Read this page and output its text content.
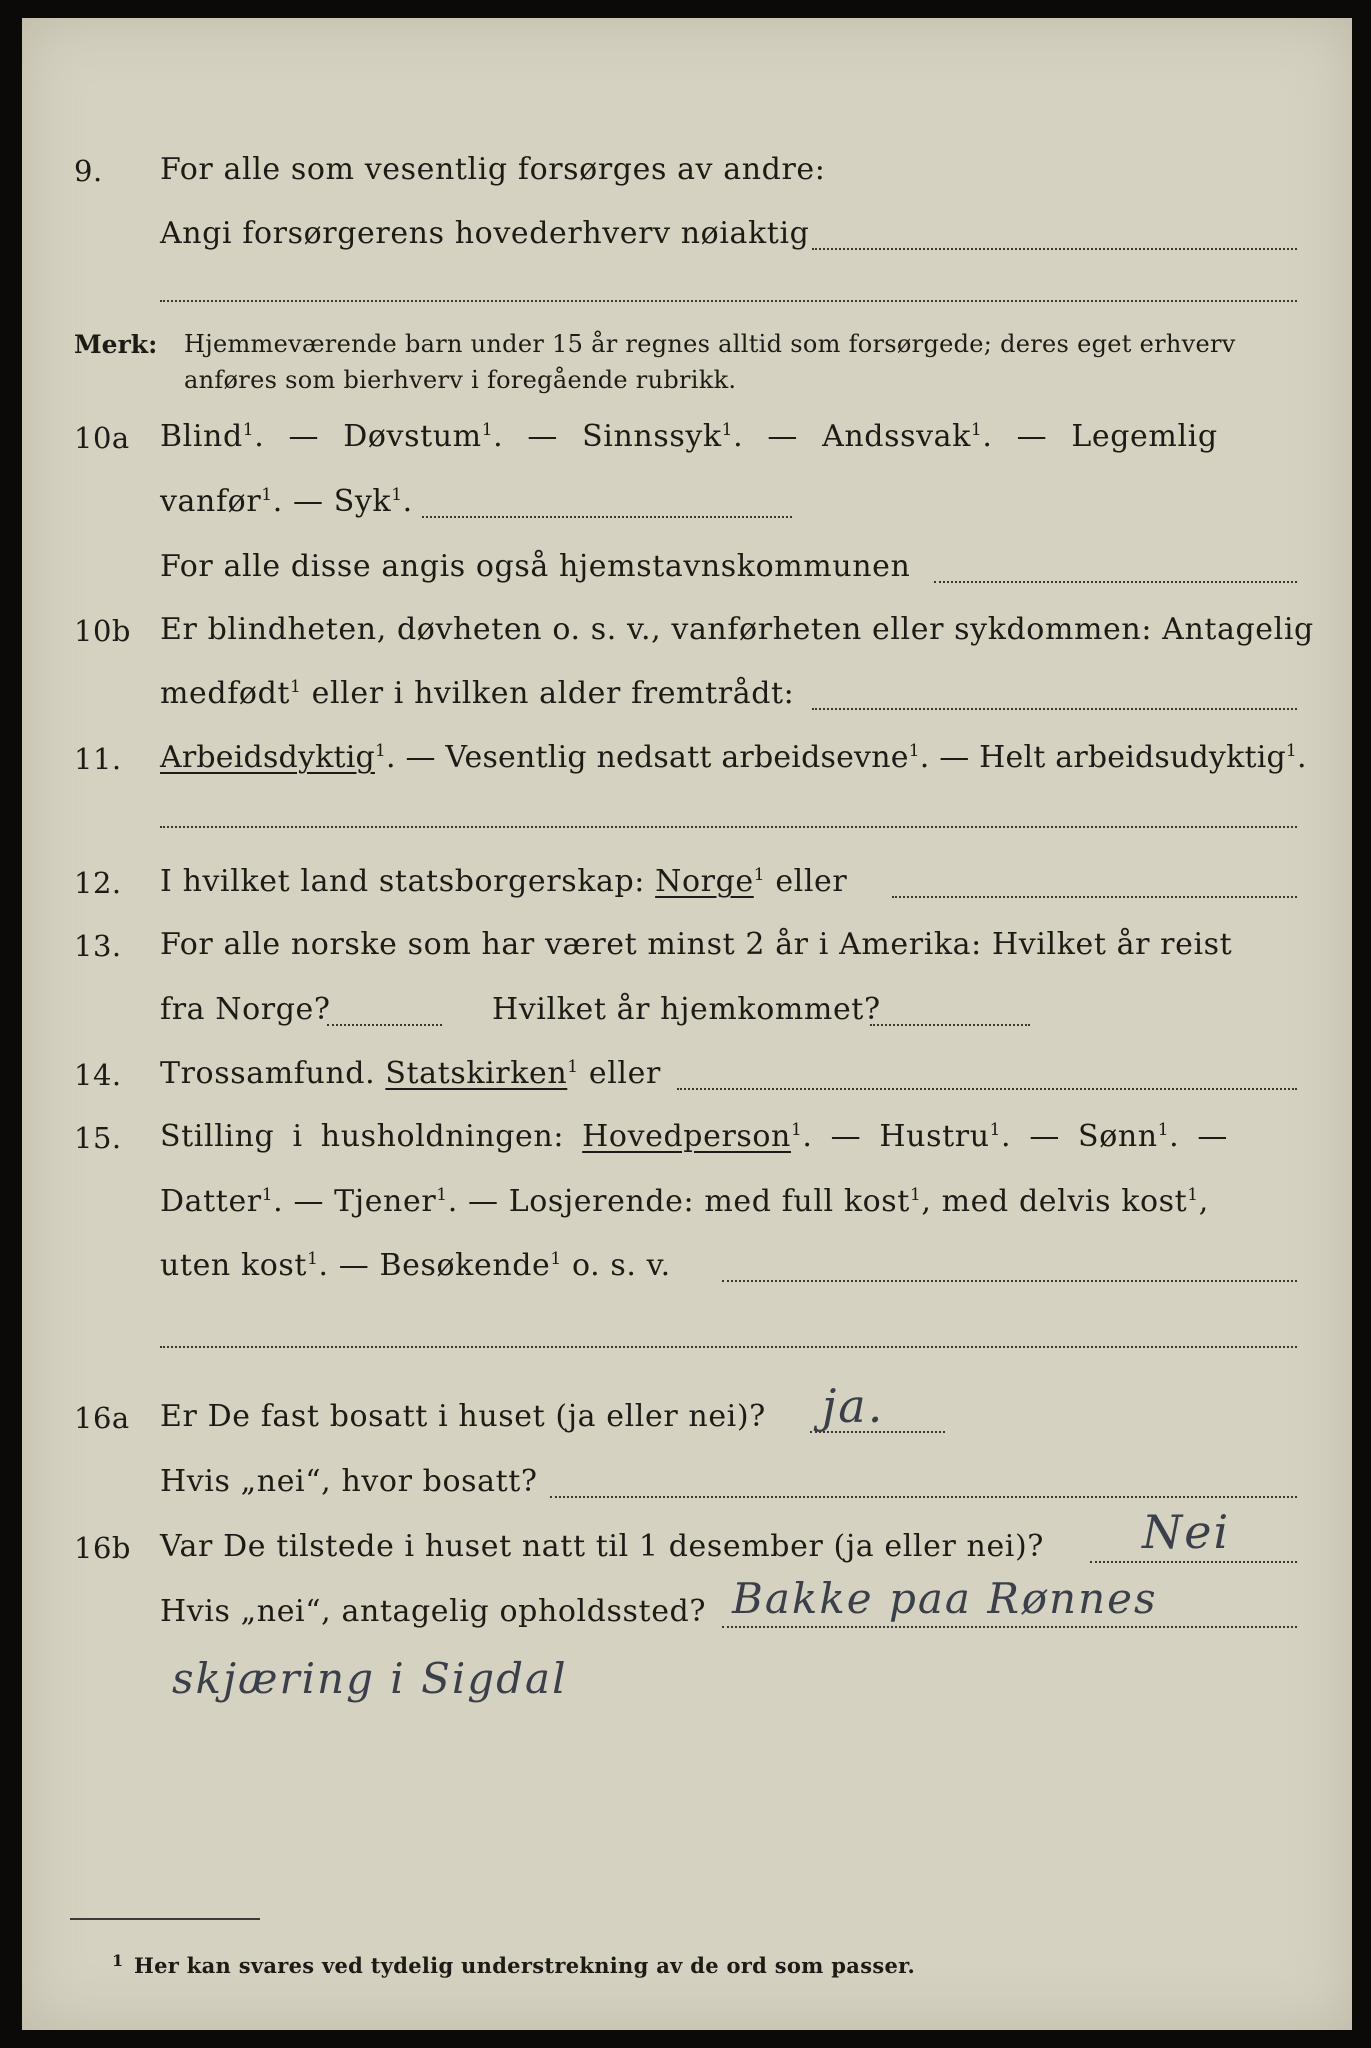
9. For alle som vesentlig forsørges av andre:
Angi forsørgerens hovederhverv nøiaktig
Merk: Hjemmeværende barn under 15 år regnes alltid som forsørgede; deres eget erhverv
anføres som bierhverv i foregående rubrikk.
10a Blind$^1$. — Døvstum$^1$. — Sinnssyk$^1$. — Andssvak$^1$. — Legemlig
vanfør$^1$. — Syk$^1$.
For alle disse angis også hjemstavnskommunen
10b Er blindheten, døvheten o. s. v., vanførheten eller sykdommen: Antagelig
medfødt$^1$ eller i hvilken alder fremtrådt:
11. Arbeidsdyktig$^1$. — Vesentlig nedsatt arbeidsevne$^1$. — Helt arbeidsudyktig$^1$.
12. I hvilket land statsborgerskap: Norge$^1$ eller
13. For alle norske som har været minst 2 år i Amerika: Hvilket år reist
fra Norge?	Hvilket år hjemkommet?
14. Trossamfund. Statskirken$^1$ eller
15. Stilling i husholdningen: Hovedperson$^1$. — Hustru$^1$. — Sønn$^1$. —
Datter$^1$. — Tjener$^1$. — Losjerende: med full kost$^1$, med delvis kost$^1$,
uten kost$^1$. — Besøkende$^1$ o. s. v.
16a Er De fast bosatt i huset (ja eller nei)? ja.
Hvis „nei“, hvor bosatt?
16b Var De tilstede i huset natt til 1 desember (ja eller nei)? Nei
Hvis „nei“, antagelig opholdssted? Bakke paa Rønnes
skjæring i Sigdal
1 Her kan svares ved tydelig understrekning av de ord som passer.
